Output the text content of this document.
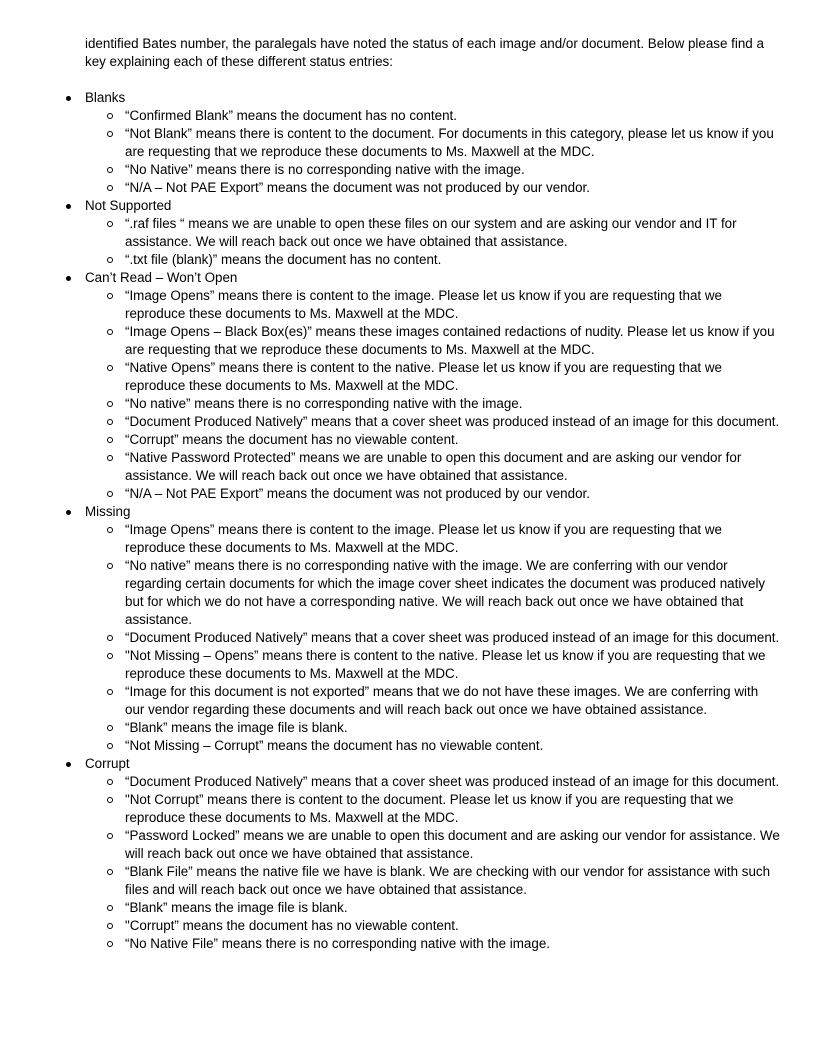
identified Bates number, the paralegals have noted the status of each image and/or document. Below please find a key explaining each of these different status entries:

Blanks
“Confirmed Blank” means the document has no content.
“Not Blank” means there is content to the document. For documents in this category, please let us know if you are requesting that we reproduce these documents to Ms. Maxwell at the MDC.
“No Native” means there is no corresponding native with the image.
“N/A – Not PAE Export” means the document was not produced by our vendor.
Not Supported
“.raf files “ means we are unable to open these files on our system and are asking our vendor and IT for assistance. We will reach back out once we have obtained that assistance.
“.txt file (blank)” means the document has no content.
Can’t Read – Won’t Open
“Image Opens” means there is content to the image. Please let us know if you are requesting that we reproduce these documents to Ms. Maxwell at the MDC.
“Image Opens – Black Box(es)” means these images contained redactions of nudity. Please let us know if you are requesting that we reproduce these documents to Ms. Maxwell at the MDC.
“Native Opens” means there is content to the native. Please let us know if you are requesting that we reproduce these documents to Ms. Maxwell at the MDC.
“No native” means there is no corresponding native with the image.
“Document Produced Natively” means that a cover sheet was produced instead of an image for this document.
“Corrupt” means the document has no viewable content.
“Native Password Protected” means we are unable to open this document and are asking our vendor for assistance. We will reach back out once we have obtained that assistance.
“N/A – Not PAE Export” means the document was not produced by our vendor.
Missing
“Image Opens” means there is content to the image. Please let us know if you are requesting that we reproduce these documents to Ms. Maxwell at the MDC.
“No native” means there is no corresponding native with the image. We are conferring with our vendor regarding certain documents for which the image cover sheet indicates the document was produced natively but for which we do not have a corresponding native. We will reach back out once we have obtained that assistance.
“Document Produced Natively” means that a cover sheet was produced instead of an image for this document.
"Not Missing – Opens” means there is content to the native. Please let us know if you are requesting that we reproduce these documents to Ms. Maxwell at the MDC.
“Image for this document is not exported” means that we do not have these images. We are conferring with our vendor regarding these documents and will reach back out once we have obtained assistance.
“Blank” means the image file is blank.
“Not Missing – Corrupt” means the document has no viewable content.
Corrupt
“Document Produced Natively” means that a cover sheet was produced instead of an image for this document.
"Not Corrupt” means there is content to the document. Please let us know if you are requesting that we reproduce these documents to Ms. Maxwell at the MDC.
“Password Locked” means we are unable to open this document and are asking our vendor for assistance. We will reach back out once we have obtained that assistance.
“Blank File” means the native file we have is blank. We are checking with our vendor for assistance with such files and will reach back out once we have obtained that assistance.
“Blank” means the image file is blank.
"Corrupt” means the document has no viewable content.
“No Native File” means there is no corresponding native with the image.
